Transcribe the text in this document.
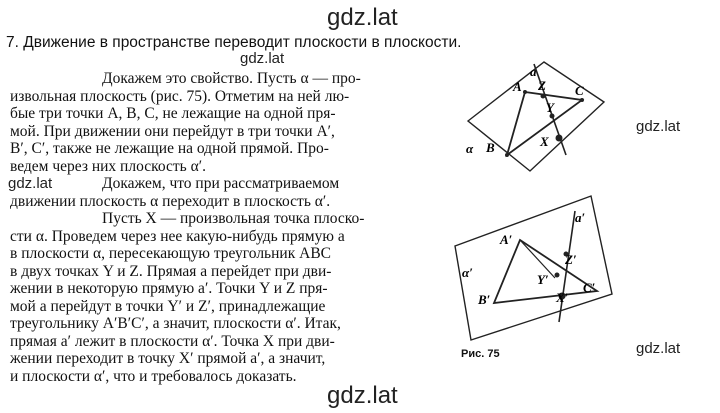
gdz.lat
7. Движение в пространстве переводит плоскости в плоскости.
gdz.lat
Докажем это свойство. Пусть α — про-
извольная плоскость (рис. 75). Отметим на ней лю-
бые три точки A, B, C, не лежащие на одной пря-
мой. При движении они перейдут в три точки A′,
B′, C′, также не лежащие на одной прямой. Про-
ведем через них плоскость α′.
Докажем, что при рассматриваемом
движении плоскость α переходит в плоскость α′.
Пусть X — произвольная точка плоско-
сти α. Проведем через нее какую-нибудь прямую a
в плоскости α, пересекающую треугольник ABC
в двух точках Y и Z. Прямая a перейдет при дви-
жении в некоторую прямую a′. Точки Y и Z пря-
мой a перейдут в точки Y′ и Z′, принадлежащие
треугольнику A′B′C′, а значит, плоскости α′. Итак,
прямая a′ лежит в плоскости α′. Точка X при дви-
жении переходит в точку X′ прямой a′, а значит,
и плоскости α′, что и требовалось доказать.
gdz.lat
gdz.lat
gdz.lat
gdz.lat
A
B
C
Z
Y
X
a
α
A′
B′
C′
Z′
Y′
X′
a′
α′
Рис. 75
